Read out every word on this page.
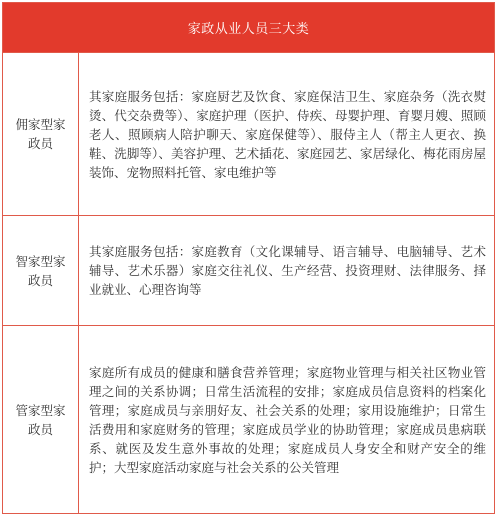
家政从业人员三大类
佣家型家政员
其家庭服务包括：家庭厨艺及饮食、家庭保洁卫生、家庭杂务（洗衣熨烫、代交杂费等）、家庭护理（医护、侍疾、母婴护理、育婴月嫂、照顾老人、照顾病人陪护聊天、家庭保健等）、服侍主人（帮主人更衣、换鞋、洗脚等）、美容护理、艺术插花、家庭园艺、家居绿化、梅花雨房屋装饰、宠物照料托管、家电维护等
智家型家政员
其家庭服务包括：家庭教育（文化课辅导、语言辅导、电脑辅导、艺术辅导、艺术乐器）家庭交往礼仪、生产经营、投资理财、法律服务、择业就业、心理咨询等
管家型家政员
家庭所有成员的健康和膳食营养管理；家庭物业管理与相关社区物业管理之间的关系协调；日常生活流程的安排；家庭成员信息资料的档案化管理；家庭成员与亲朋好友、社会关系的处理；家用设施维护；日常生活费用和家庭财务的管理；家庭成员学业的协助管理；家庭成员患病联系、就医及发生意外事故的处理；家庭成员人身安全和财产安全的维护；大型家庭活动家庭与社会关系的公关管理
